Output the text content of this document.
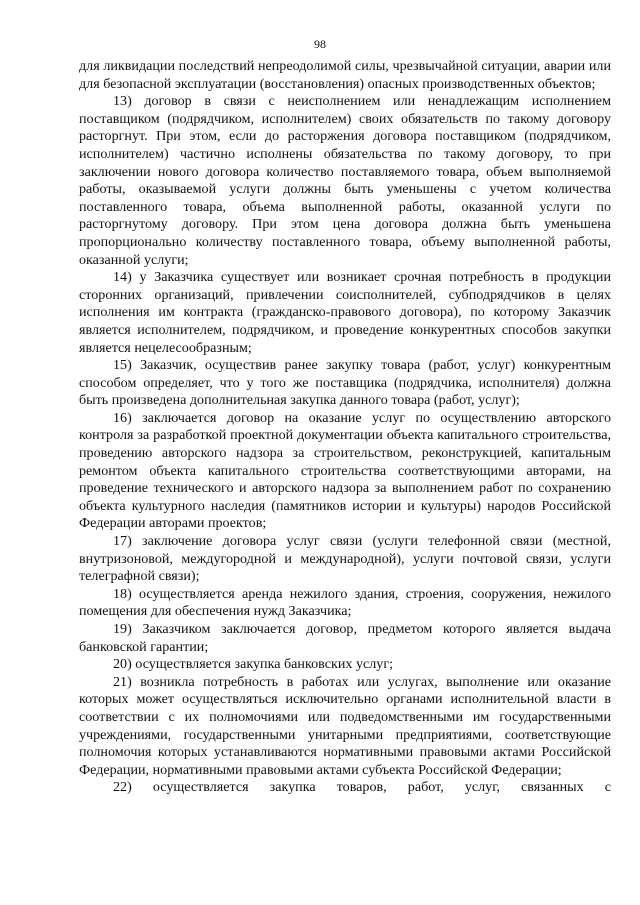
98

для ликвидации последствий непреодолимой силы, чрезвычайной ситуации, аварии или для безопасной эксплуатации (восстановления) опасных производственных объектов;

13) договор в связи с неисполнением или ненадлежащим исполнением поставщиком (подрядчиком, исполнителем) своих обязательств по такому договору расторгнут. При этом, если до расторжения договора поставщиком (подрядчиком, исполнителем) частично исполнены обязательства по такому договору, то при заключении нового договора количество поставляемого товара, объем выполняемой работы, оказываемой услуги должны быть уменьшены с учетом количества поставленного товара, объема выполненной работы, оказанной услуги по расторгнутому договору. При этом цена договора должна быть уменьшена пропорционально количеству поставленного товара, объему выполненной работы, оказанной услуги;

14) у Заказчика существует или возникает срочная потребность в продукции сторонних организаций, привлечении соисполнителей, субподрядчиков в целях исполнения им контракта (гражданско-правового договора), по которому Заказчик является исполнителем, подрядчиком, и проведение конкурентных способов закупки является нецелесообразным;

15) Заказчик, осуществив ранее закупку товара (работ, услуг) конкурентным способом определяет, что у того же поставщика (подрядчика, исполнителя) должна быть произведена дополнительная закупка данного товара (работ, услуг);

16) заключается договор на оказание услуг по осуществлению авторского контроля за разработкой проектной документации объекта капитального строительства, проведению авторского надзора за строительством, реконструкцией, капитальным ремонтом объекта капитального строительства соответствующими авторами, на проведение технического и авторского надзора за выполнением работ по сохранению объекта культурного наследия (памятников истории и культуры) народов Российской Федерации авторами проектов;

17) заключение договора услуг связи (услуги телефонной связи (местной, внутризоновой, междугородной и международной), услуги почтовой связи, услуги телеграфной связи);

18) осуществляется аренда нежилого здания, строения, сооружения, нежилого помещения для обеспечения нужд Заказчика;

19) Заказчиком заключается договор, предметом которого является выдача банковской гарантии;

20) осуществляется закупка банковских услуг;

21) возникла потребность в работах или услугах, выполнение или оказание которых может осуществляться исключительно органами исполнительной власти в соответствии с их полномочиями или подведомственными им государственными учреждениями, государственными унитарными предприятиями, соответствующие полномочия которых устанавливаются нормативными правовыми актами Российской Федерации, нормативными правовыми актами субъекта Российской Федерации;

22) осуществляется закупка товаров, работ, услуг, связанных с
